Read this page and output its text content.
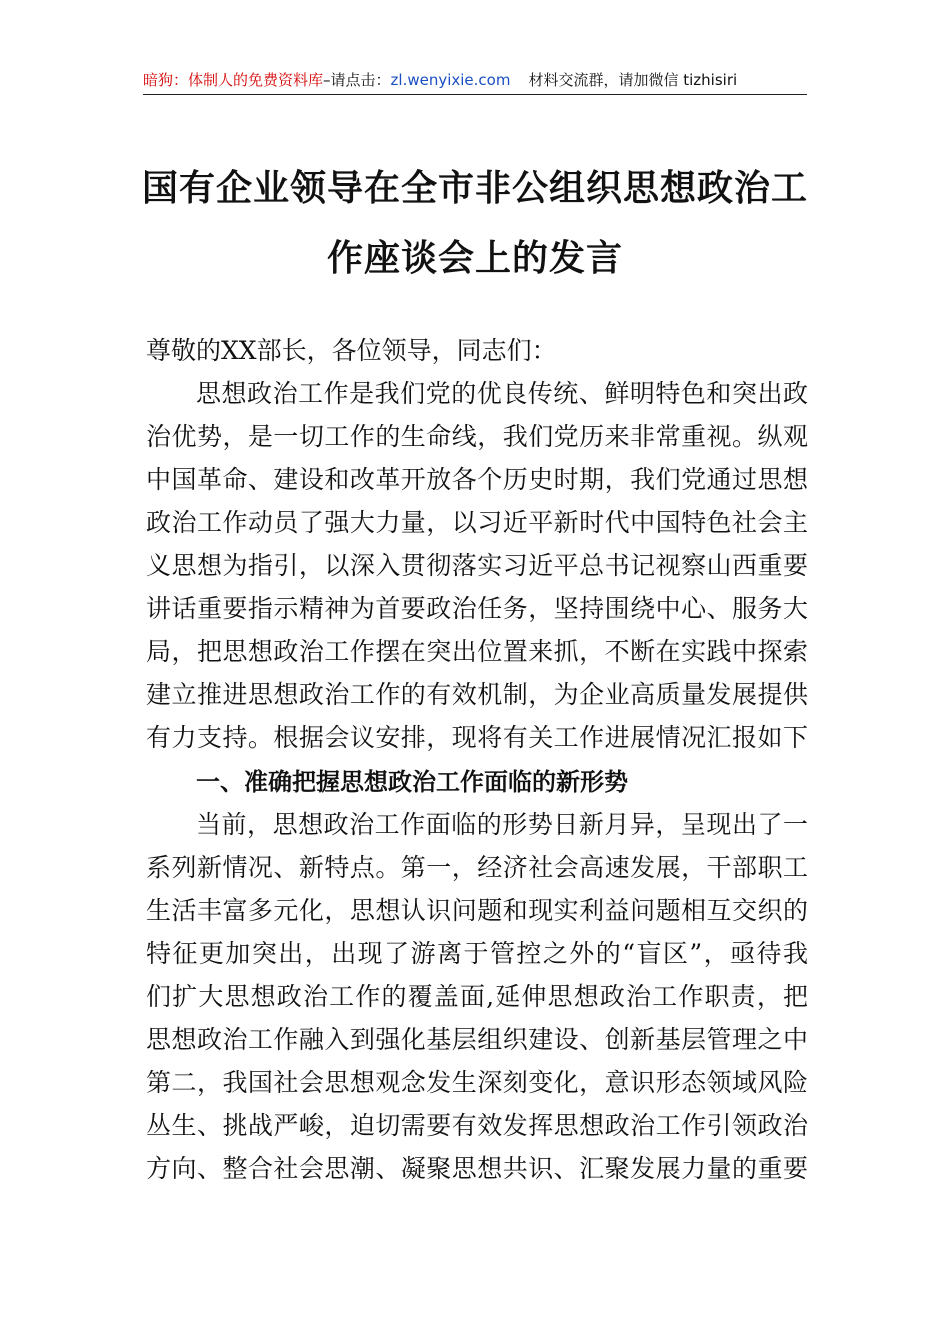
暗狗：体制人的免费资料库–请点击：zl.wenyixie.com 材料交流群，请加微信 tizhisiri
国有企业领导在全市非公组织思想政治工
作座谈会上的发言
尊敬的XX部长，各位领导，同志们：
思想政治工作是我们党的优良传统、鲜明特色和突出政
治优势，是一切工作的生命线，我们党历来非常重视。纵观
中国革命、建设和改革开放各个历史时期，我们党通过思想
政治工作动员了强大力量，以习近平新时代中国特色社会主
义思想为指引，以深入贯彻落实习近平总书记视察山西重要
讲话重要指示精神为首要政治任务，坚持围绕中心、服务大
局，把思想政治工作摆在突出位置来抓，不断在实践中探索
建立推进思想政治工作的有效机制，为企业高质量发展提供
有力支持。根据会议安排，现将有关工作进展情况汇报如下
一、准确把握思想政治工作面临的新形势
当前，思想政治工作面临的形势日新月异，呈现出了一
系列新情况、新特点。第一，经济社会高速发展，干部职工
生活丰富多元化，思想认识问题和现实利益问题相互交织的
特征更加突出，出现了游离于管控之外的“盲区”，亟待我
们扩大思想政治工作的覆盖面,延伸思想政治工作职责，把
思想政治工作融入到强化基层组织建设、创新基层管理之中
第二，我国社会思想观念发生深刻变化，意识形态领域风险
丛生、挑战严峻，迫切需要有效发挥思想政治工作引领政治
方向、整合社会思潮、凝聚思想共识、汇聚发展力量的重要
